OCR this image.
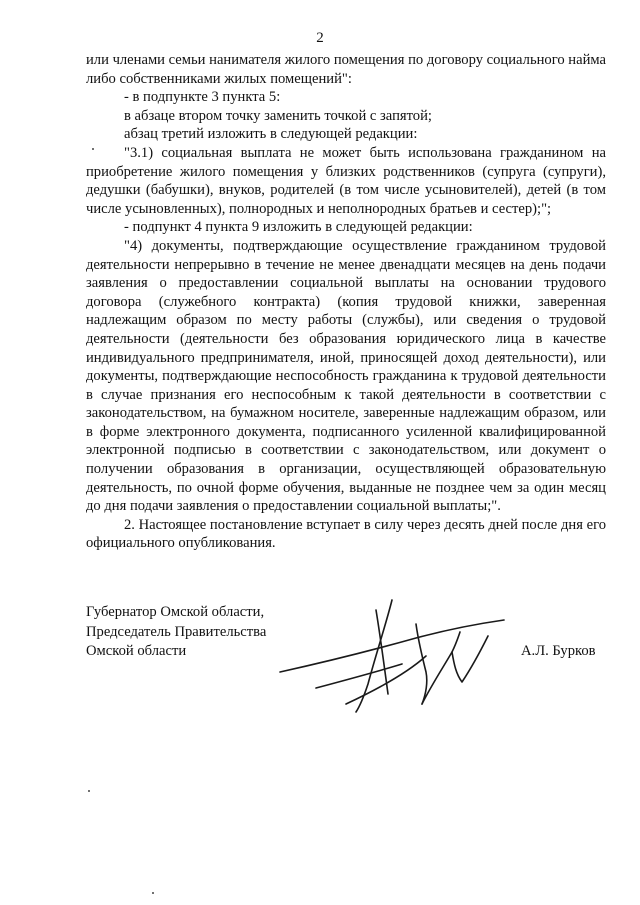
2

или членами семьи нанимателя жилого помещения по договору социального найма либо собственниками жилых помещений":

- в подпункте 3 пункта 5:

в абзаце втором точку заменить точкой с запятой;

абзац третий изложить в следующей редакции:

"3.1) социальная выплата не может быть использована гражданином на приобретение жилого помещения у близких родственников (супруга (супруги), дедушки (бабушки), внуков, родителей (в том числе усыновителей), детей (в том числе усыновленных), полнородных и неполнородных братьев и сестер);";

- подпункт 4 пункта 9 изложить в следующей редакции:

"4) документы, подтверждающие осуществление гражданином трудовой деятельности непрерывно в течение не менее двенадцати месяцев на день подачи заявления о предоставлении социальной выплаты на основании трудового договора (служебного контракта) (копия трудовой книжки, заверенная надлежащим образом по месту работы (службы), или сведения о трудовой деятельности (деятельности без образования юридического лица в качестве индивидуального предпринимателя, иной, приносящей доход деятельности), или документы, подтверждающие неспособность гражданина к трудовой деятельности в случае признания его неспособным к такой деятельности в соответствии с законодательством, на бумажном носителе, заверенные надлежащим образом, или в форме электронного документа, подписанного усиленной квалифицированной электронной подписью в соответствии с законодательством, или документ о получении образования в организации, осуществляющей образовательную деятельность, по очной форме обучения, выданные не позднее чем за один месяц до дня подачи заявления о предоставлении социальной выплаты;".

2. Настоящее постановление вступает в силу через десять дней после дня его официального опубликования.

Губернатор Омской области,
Председатель Правительства
Омской области	А.Л. Бурков
